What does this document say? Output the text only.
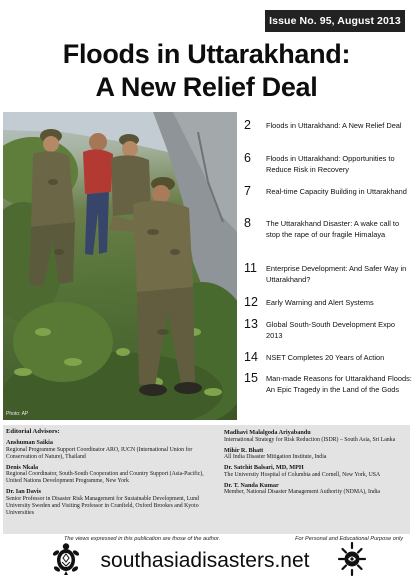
Issue No. 95, August 2013
Floods in Uttarakhand:
A New Relief Deal
Photo: AP
2	Floods in Uttarakhand: A New Relief Deal
6	Floods in Uttarakhand: Opportunities to Reduce Risk in Recovery
7	Real-time Capacity Building in Uttarakhand
8	The Uttarakhand Disaster: A wake call to stop the rape of our fragile Himalaya
11	Enterprise Development: And Safer Way in Uttarakhand?
12	Early Warning and Alert Systems
13	Global South-South Development Expo 2013
14	NSET Completes 20 Years of Action
15	Man-made Reasons for Uttarakhand Floods: An Epic Tragedy in the Land of the Gods
Editorial Advisors:
Anshuman Saikia
Regional Programme Support Coordinator ARO, IUCN (International Union for Conservation of Nature), Thailand
Denis Nkala
Regional Coordinator, South-South Cooperation and Country Support (Asia-Pacific), United Nations Development Programme, New York
Dr. Ian Davis
Senior Professor in Disaster Risk Management for Sustainable Development, Lund University Sweden and Visiting Professor in Cranfield, Oxford Brookes and Kyoto Universities
Madhavi Malalgoda Ariyabandu
International Strategy for Risk Reduction (ISDR) – South Asia, Sri Lanka
Mihir R. Bhatt
All India Disaster Mitigation Institute, India
Dr. Satchit Balsari, MD, MPH
The University Hospital of Columbia and Cornell, New York, USA
Dr. T. Nanda Kumar
Member, National Disaster Management Authority (NDMA), India
The views expressed in this publication are those of the author.	For Personal and Educational Purpose only
southasiadisasters.net
